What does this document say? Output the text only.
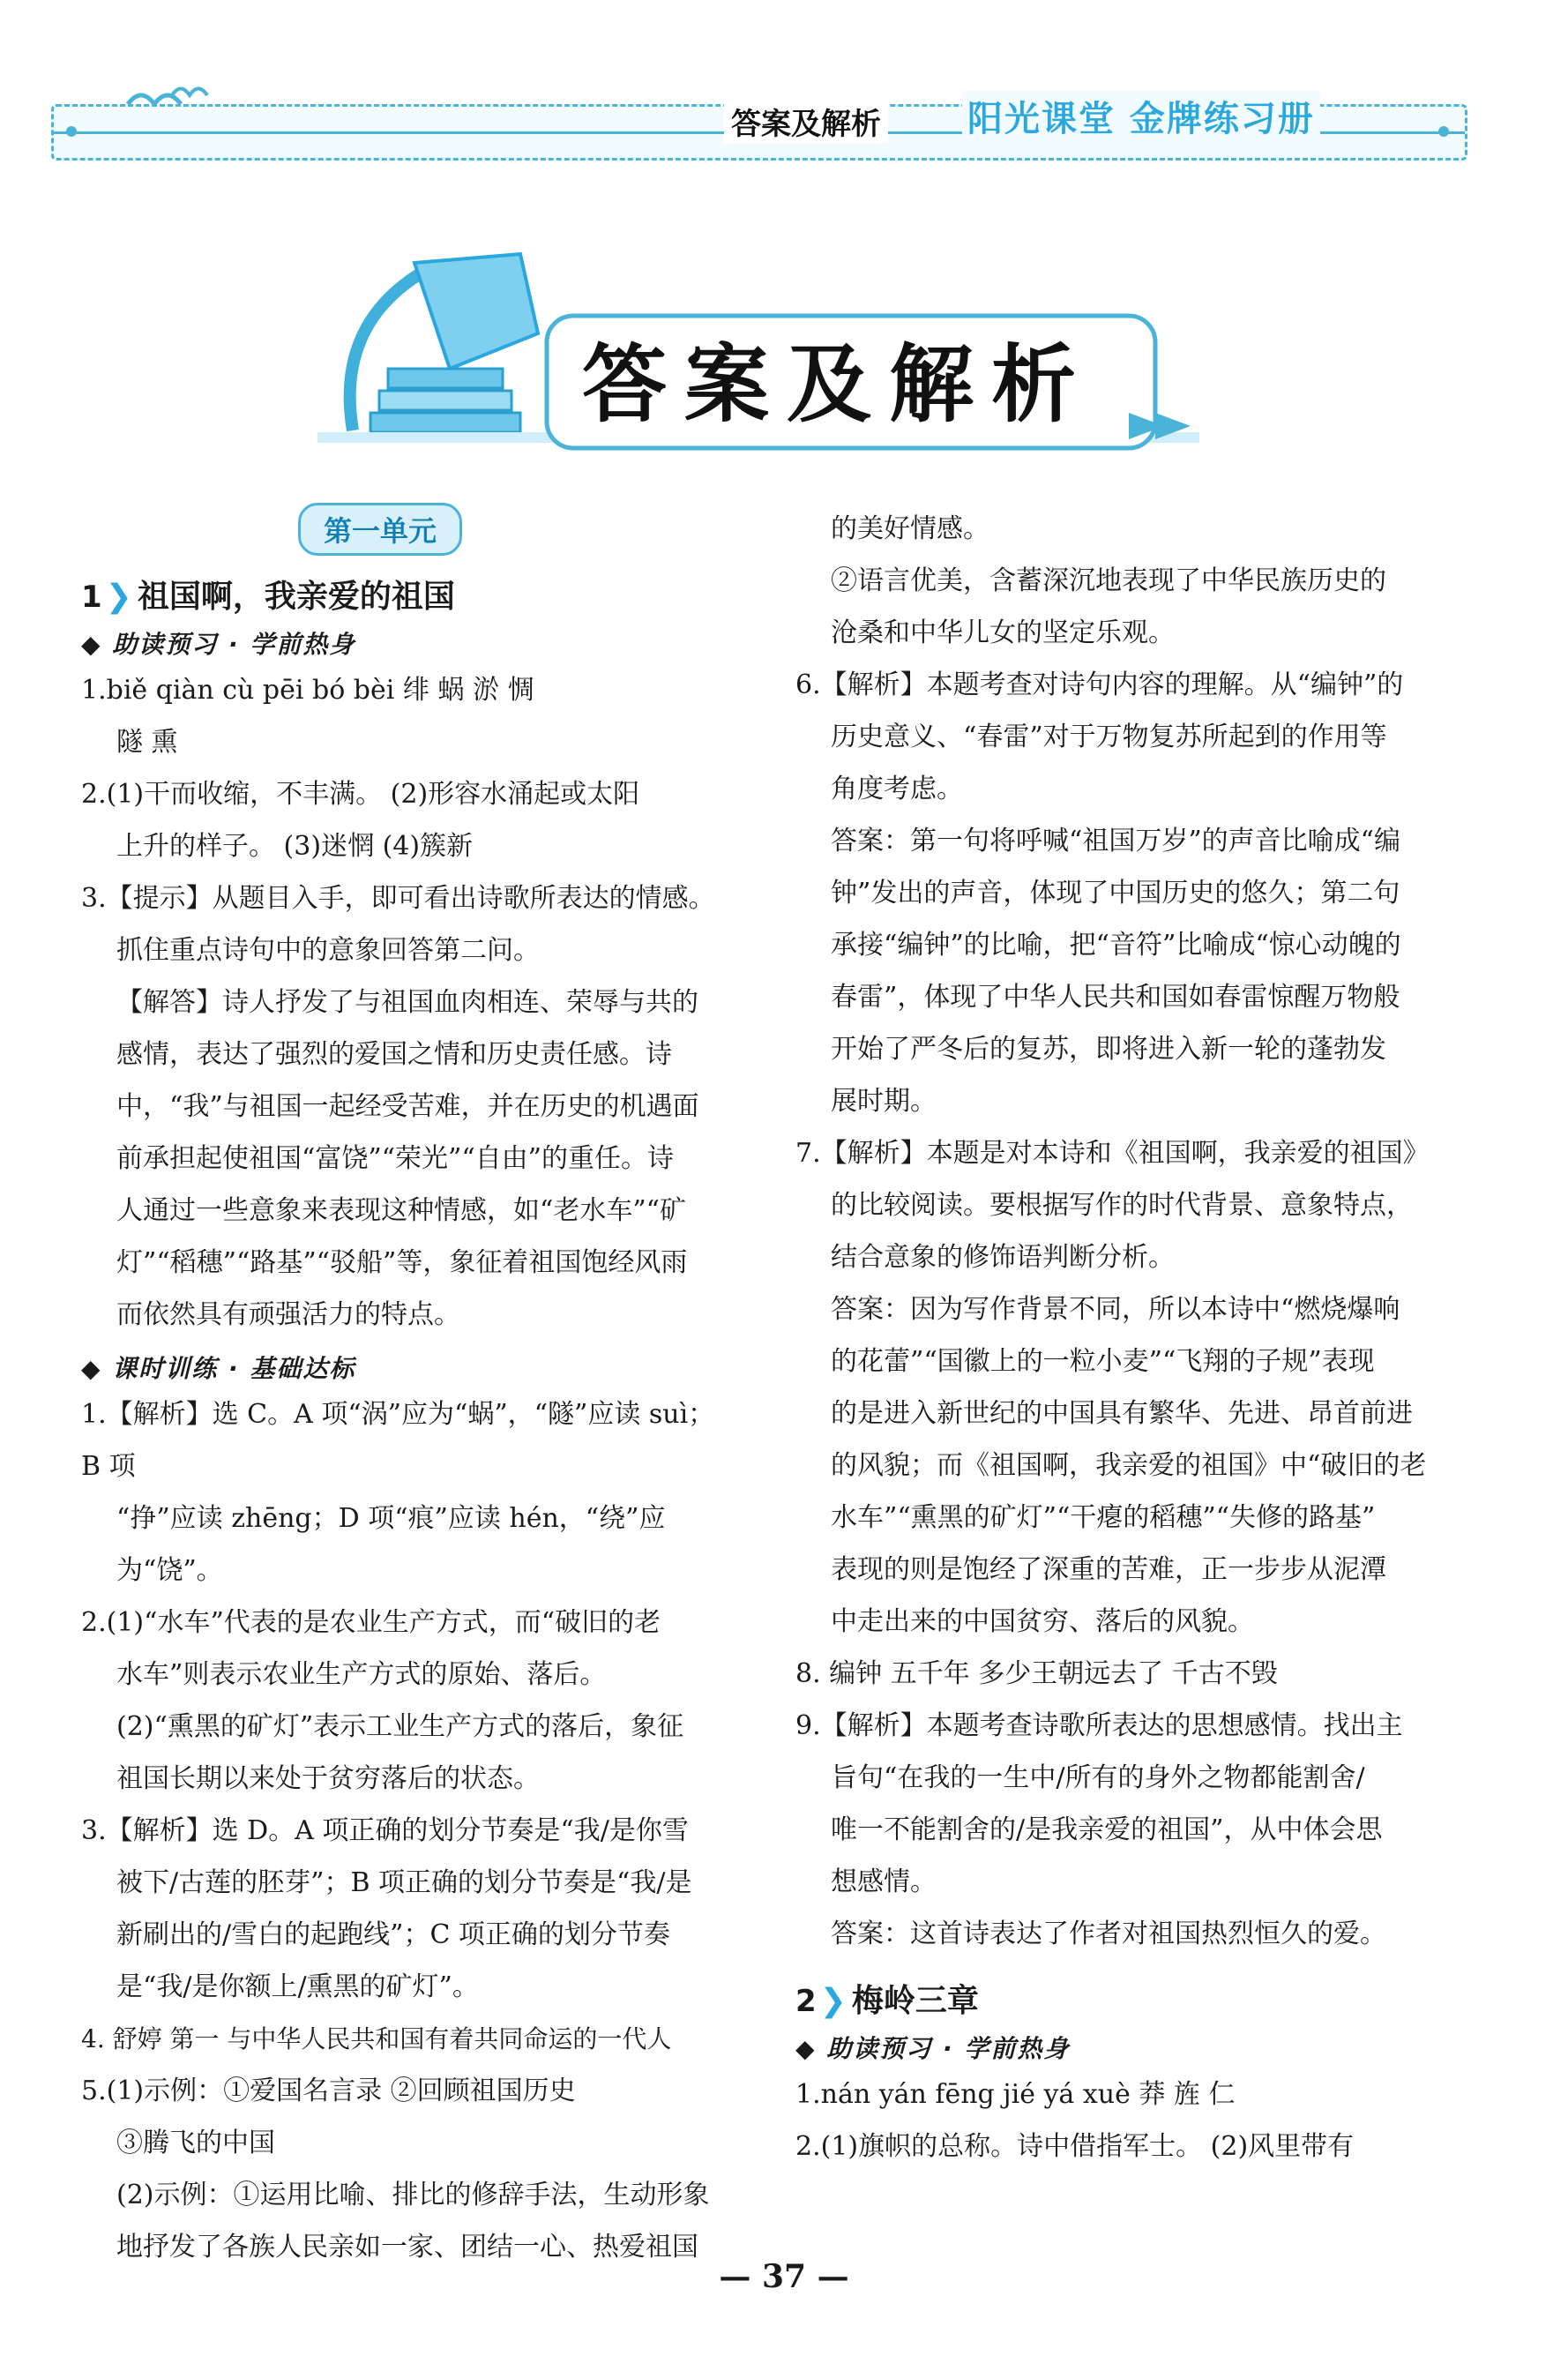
答案及解析 阳光课堂 金牌练习册
答案及解析
第一单元
1 ❯ 祖国啊，我亲爱的祖国
◆ 助读预习 · 学前热身

1.biě qiàn cù pēi bó bèi 绯 蜗 淤 惆

隧 熏

2.(1)干而收缩，不丰满。 (2)形容水涌起或太阳

上升的样子。 (3)迷惘 (4)簇新

3.【提示】从题目入手，即可看出诗歌所表达的情感。

抓住重点诗句中的意象回答第二问。

【解答】诗人抒发了与祖国血肉相连、荣辱与共的

感情，表达了强烈的爱国之情和历史责任感。诗

中，“我”与祖国一起经受苦难，并在历史的机遇面

前承担起使祖国“富饶”“荣光”“自由”的重任。诗

人通过一些意象来表现这种情感，如“老水车”“矿

灯”“稻穗”“路基”“驳船”等，象征着祖国饱经风雨

而依然具有顽强活力的特点。

◆ 课时训练 · 基础达标

1.【解析】选 C。A 项“涡”应为“蜗”，“隧”应读 suì；B 项

“挣”应读 zhēng；D 项“痕”应读 hén，“绕”应为“饶”。

2.(1)“水车”代表的是农业生产方式，而“破旧的老

水车”则表示农业生产方式的原始、落后。

(2)“熏黑的矿灯”表示工业生产方式的落后，象征

祖国长期以来处于贫穷落后的状态。

3.【解析】选 D。A 项正确的划分节奏是“我/是你雪

被下/古莲的胚芽”；B 项正确的划分节奏是“我/是

新刷出的/雪白的起跑线”；C 项正确的划分节奏

是“我/是你额上/熏黑的矿灯”。

4. 舒婷 第一 与中华人民共和国有着共同命运的一代人

5.(1)示例：①爱国名言录 ②回顾祖国历史

③腾飞的中国

(2)示例：①运用比喻、排比的修辞手法，生动形象

地抒发了各族人民亲如一家、团结一心、热爱祖国

的美好情感。

②语言优美，含蓄深沉地表现了中华民族历史的

沧桑和中华儿女的坚定乐观。

6.【解析】本题考查对诗句内容的理解。从“编钟”的

历史意义、“春雷”对于万物复苏所起到的作用等

角度考虑。

答案：第一句将呼喊“祖国万岁”的声音比喻成“编

钟”发出的声音，体现了中国历史的悠久；第二句

承接“编钟”的比喻，把“音符”比喻成“惊心动魄的

春雷”，体现了中华人民共和国如春雷惊醒万物般

开始了严冬后的复苏，即将进入新一轮的蓬勃发

展时期。

7.【解析】本题是对本诗和《祖国啊，我亲爱的祖国》

的比较阅读。要根据写作的时代背景、意象特点，

结合意象的修饰语判断分析。

答案：因为写作背景不同，所以本诗中“燃烧爆响

的花蕾”“国徽上的一粒小麦”“飞翔的子规”表现

的是进入新世纪的中国具有繁华、先进、昂首前进

的风貌；而《祖国啊，我亲爱的祖国》中“破旧的老

水车”“熏黑的矿灯”“干瘪的稻穗”“失修的路基”

表现的则是饱经了深重的苦难，正一步步从泥潭

中走出来的中国贫穷、落后的风貌。

8. 编钟 五千年 多少王朝远去了 千古不毁

9.【解析】本题考查诗歌所表达的思想感情。找出主

旨句“在我的一生中/所有的身外之物都能割舍/

唯一不能割舍的/是我亲爱的祖国”，从中体会思

想感情。

答案：这首诗表达了作者对祖国热烈恒久的爱。

2 ❯ 梅岭三章
◆ 助读预习 · 学前热身

1.nán yán fēng jié yá xuè 莽 旌 仁

2.(1)旗帜的总称。诗中借指军士。 (2)风里带有

— 37 —
